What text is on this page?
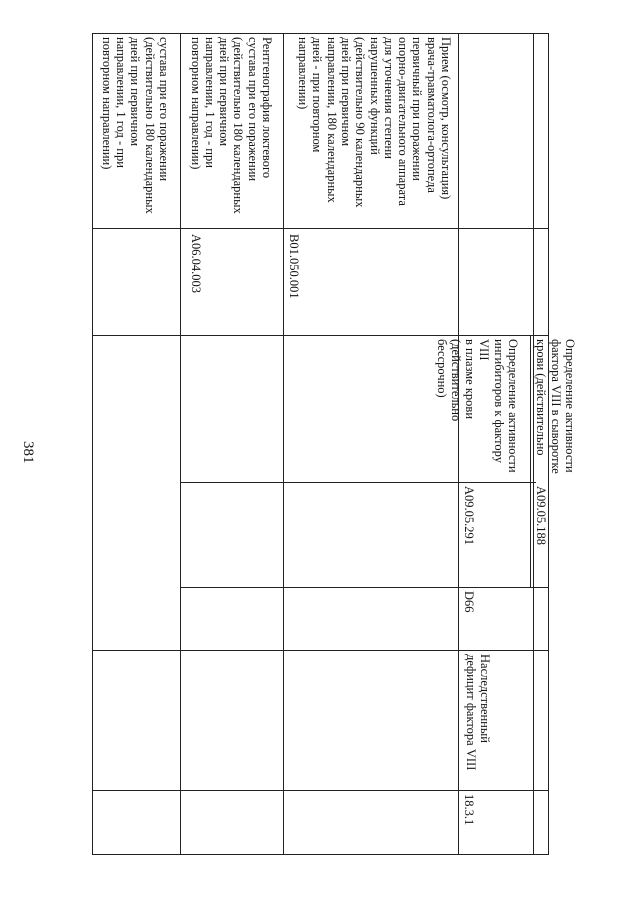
381
сустава при его поражении
(действительно 180 календарных
дней при первичном
направлении, 1 год - при
повторном направлении)
A06.04.003
Рентгенография локтевого
сустава при его поражении
(действительно 180 календарных
дней при первичном
направлении, 1 год - при
повторном направлении)
B01.050.001
Прием (осмотр, консультация)
врача-травматолога-ортопеда
первичный при поражении
опорно-двигательного аппарата
для уточнения степени
нарушенных функций
(действительно 90 календарных
дней при первичном
направлении, 180 календарных
дней - при повторном
направлении)
18.3.1
Наследственный
дефицит фактора VIII
D66
A09.05.291
Определение активности
ингибиторов к фактору VIII
в плазме крови
(действительно бессрочно)
A09.05.188
Определение активности
фактора VIII в сыворотке
крови (действительно
